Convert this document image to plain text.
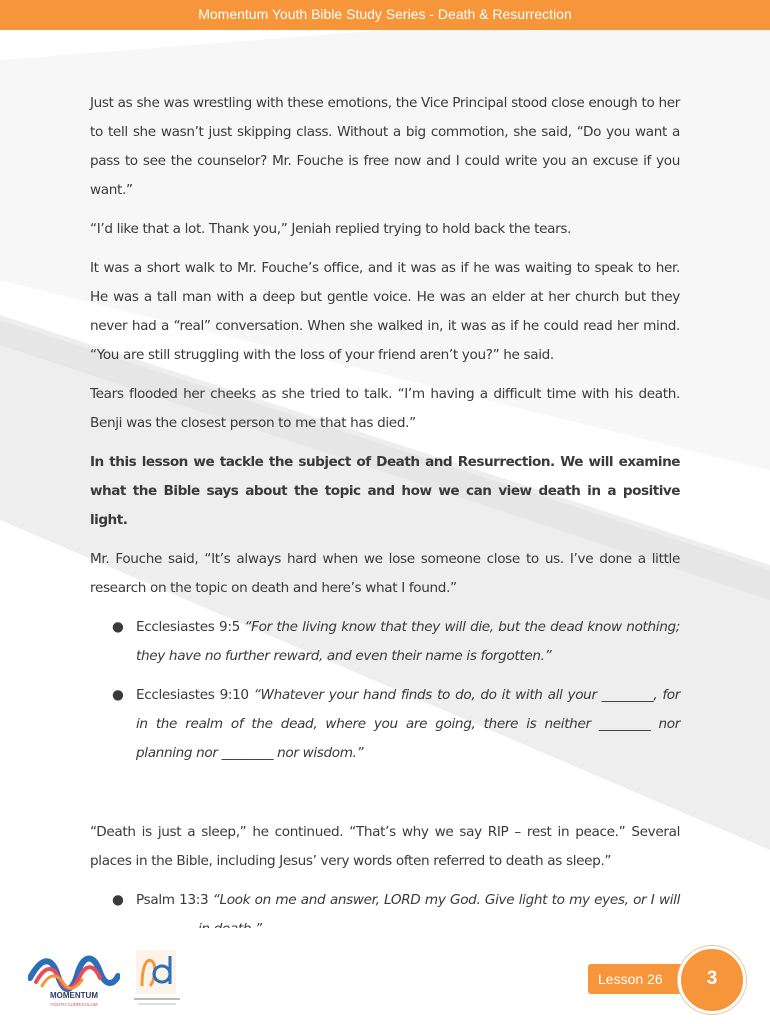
Momentum Youth Bible Study Series - Death & Resurrection

Just as she was wrestling with these emotions, the Vice Principal stood close enough to her to tell she wasn’t just skipping class. Without a big commotion, she said, “Do you want a pass to see the counselor? Mr. Fouche is free now and I could write you an excuse if you want.”

“I’d like that a lot. Thank you,” Jeniah replied trying to hold back the tears.

It was a short walk to Mr. Fouche’s office, and it was as if he was waiting to speak to her. He was a tall man with a deep but gentle voice. He was an elder at her church but they never had a “real” conversation. When she walked in, it was as if he could read her mind. “You are still struggling with the loss of your friend aren’t you?” he said.

Tears flooded her cheeks as she tried to talk. “I’m having a difficult time with his death. Benji was the closest person to me that has died.”

In this lesson we tackle the subject of Death and Resurrection. We will examine what the Bible says about the topic and how we can view death in a positive light.

Mr. Fouche said, “It’s always hard when we lose someone close to us. I’ve done a little research on the topic on death and here’s what I found.”

● Ecclesiastes 9:5 “For the living know that they will die, but the dead know nothing; they have no further reward, and even their name is forgotten.”
● Ecclesiastes 9:10 “Whatever your hand finds to do, do it with all your ________, for in the realm of the dead, where you are going, there is neither ________ nor planning nor ________ nor wisdom.”

“Death is just a sleep,” he continued. “That’s why we say RIP – rest in peace.” Several places in the Bible, including Jesus’ very words often referred to death as sleep.”

● Psalm 13:3 “Look on me and answer, LORD my God. Give light to my eyes, or I will
MOMENTUM
YOUTH CURRICULUM
Lesson 26	3
